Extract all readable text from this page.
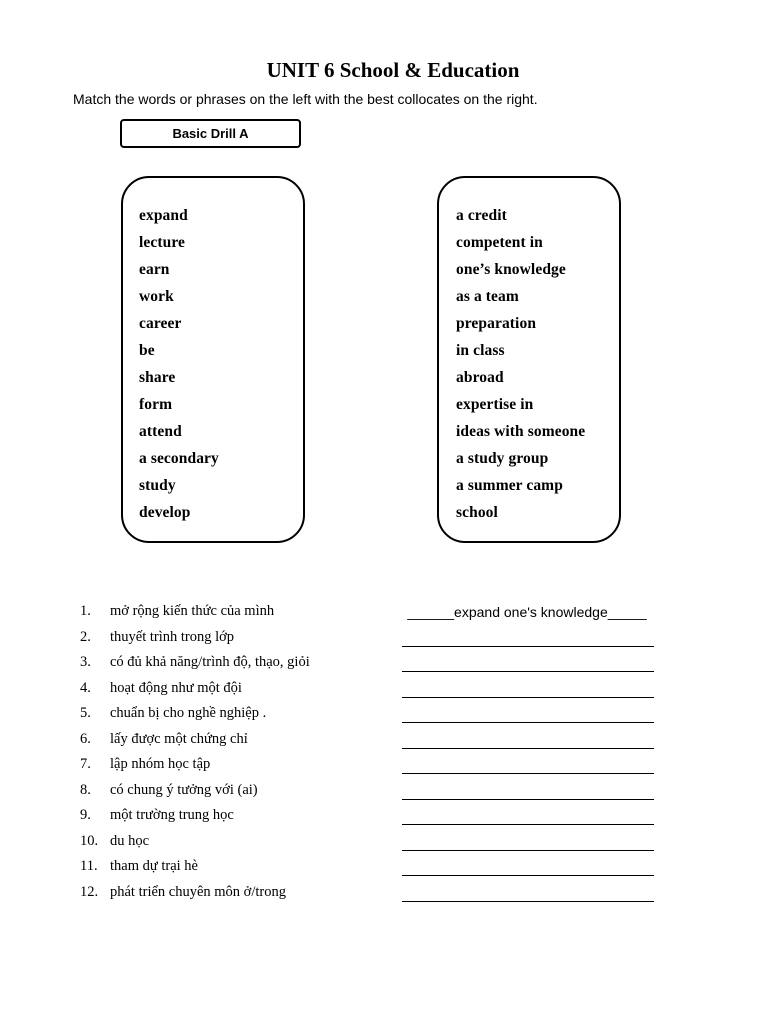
UNIT 6 School & Education
Match the words or phrases on the left with the best collocates on the right.
Basic Drill A
expand
lecture
earn
work
career
be
share
form
attend
a secondary
study
develop
a credit
competent in
one’s knowledge
as a team
preparation
in class
abroad
expertise in
ideas with someone
a study group
a summer camp
school
1.	mở rộng kiến thức của mình	______expand one's knowledge_____
2.	thuyết trình trong lớp
3.	có đủ khả năng/trình độ, thạo, giỏi
4.	hoạt động như một đội
5.	chuẩn bị cho nghề nghiệp .
6.	lấy được một chứng chỉ
7.	lập nhóm học tập
8.	có chung ý tưởng với (ai)
9.	một trường trung học
10. du học
11. tham dự trại hè
12. phát triển chuyên môn ở/trong
